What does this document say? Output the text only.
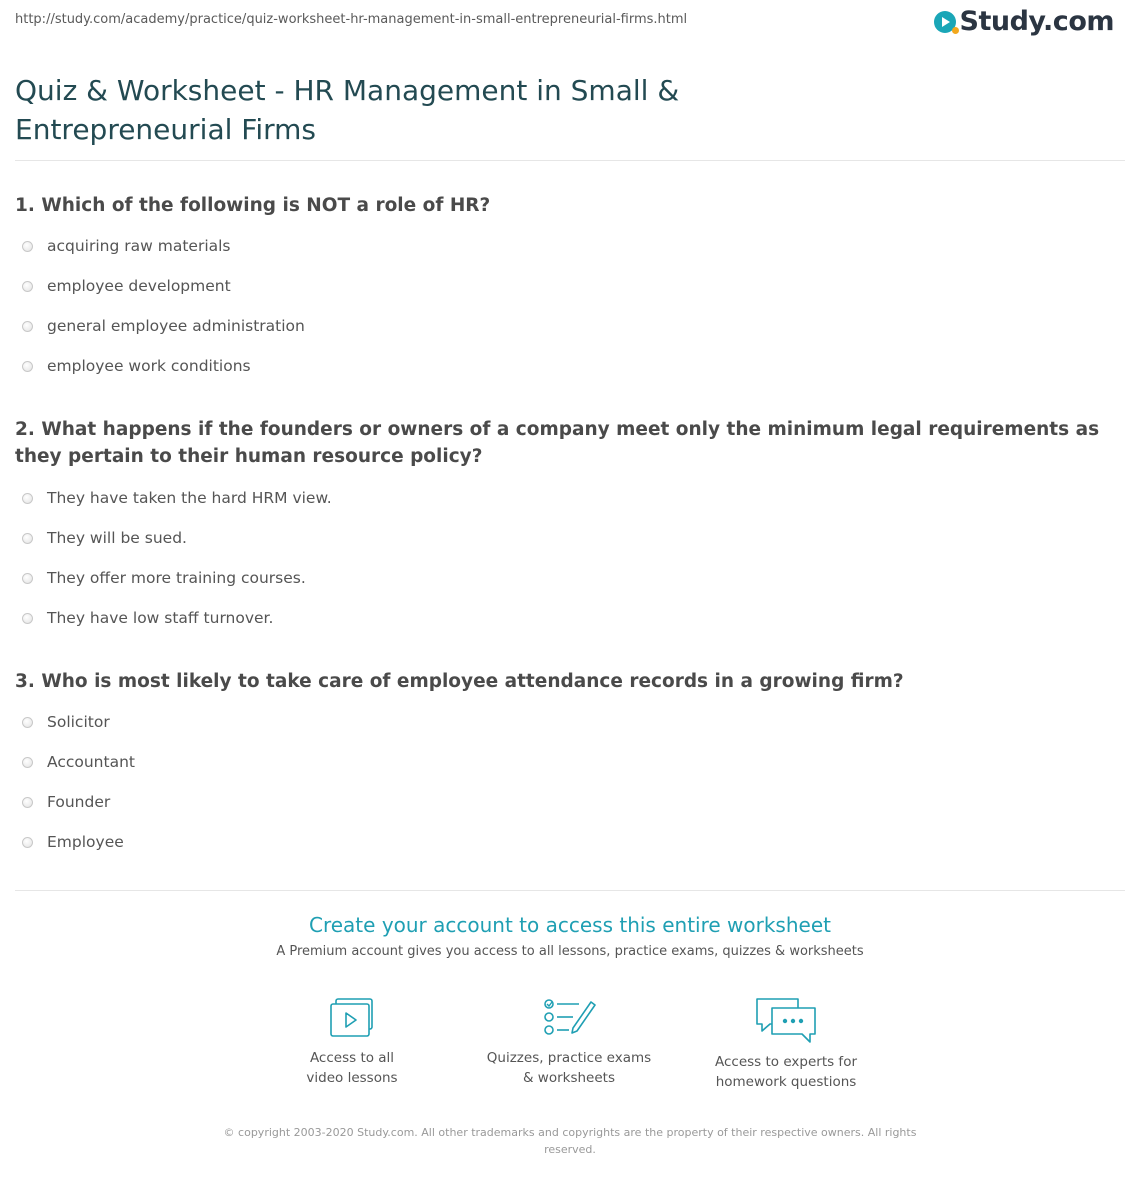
http://study.com/academy/practice/quiz-worksheet-hr-management-in-small-entrepreneurial-firms.html	Study.com
Quiz & Worksheet - HR Management in Small & Entrepreneurial Firms
1. Which of the following is NOT a role of HR?
acquiring raw materials
employee development
general employee administration
employee work conditions
2. What happens if the founders or owners of a company meet only the minimum legal requirements as they pertain to their human resource policy?
They have taken the hard HRM view.
They will be sued.
They offer more training courses.
They have low staff turnover.
3. Who is most likely to take care of employee attendance records in a growing firm?
Solicitor
Accountant
Founder
Employee
Create your account to access this entire worksheet
A Premium account gives you access to all lessons, practice exams, quizzes & worksheets
Access to all
video lessons
Quizzes, practice exams
& worksheets
Access to experts for
homework questions
© copyright 2003-2020 Study.com. All other trademarks and copyrights are the property of their respective owners. All rights reserved.
